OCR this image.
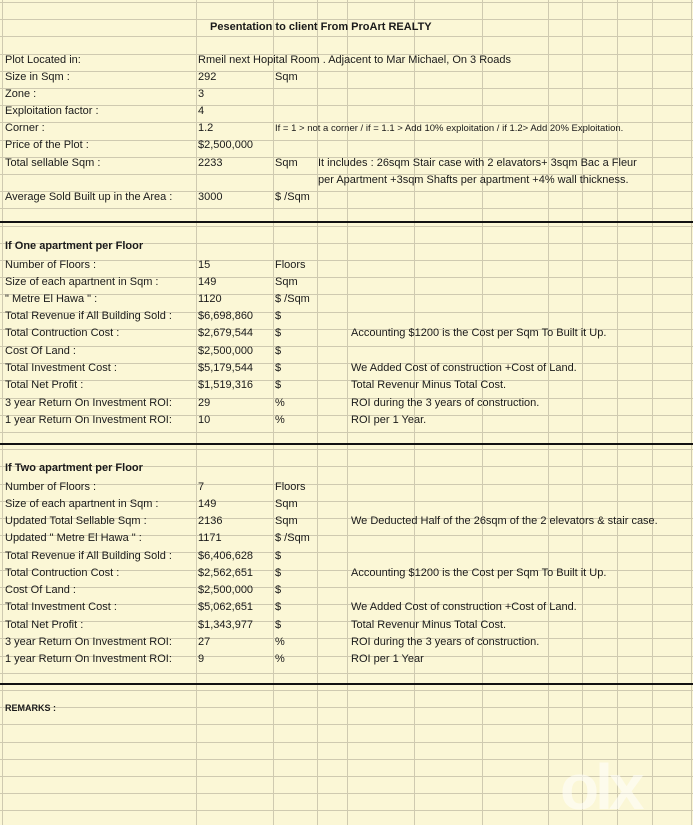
Pesentation to client From ProArt REALTY
Plot Located in:	Rmeil next Hopital Room . Adjacent to Mar Michael, On 3 Roads
Size in Sqm :	292	Sqm
Zone :	3
Exploitation factor :	4
Corner :	1.2	If = 1 > not a corner / if = 1.1 > Add 10% exploitation / if 1.2> Add 20% Exploitation.
Price of the Plot :	$2,500,000
Total sellable Sqm :	2233	Sqm It includes : 26sqm Stair case with 2 elavators+ 3sqm Bac a Fleur
per Apartment +3sqm Shafts per apartment +4% wall thickness.
Average Sold Built up in the Area : 3000	$ /Sqm
If One apartment per Floor
Number of Floors :	15	Floors
Size of each apartnent in Sqm :	149	Sqm
" Metre El Hawa " :	1120	$ /Sqm
Total Revenue if All Building Sold : $6,698,860 $
Total Contruction Cost :	$2,679,544 $	Accounting $1200 is the Cost per Sqm To Built it Up.
Cost Of Land :	$2,500,000 $
Total Investment Cost :	$5,179,544 $	We Added Cost of construction +Cost of Land.
Total Net Profit :	$1,519,316 $	Total Revenur Minus Total Cost.
3 year Return On Investment ROI: 29	%	ROI during the 3 years of construction.
1 year Return On Investment ROI: 10	%	ROI per 1 Year.
If Two apartment per Floor
Number of Floors :	7	Floors
Size of each apartnent in Sqm :	149	Sqm
Updated Total Sellable Sqm :	2136	Sqm	We Deducted Half of the 26sqm of the 2 elevators & stair case.
Updated " Metre El Hawa " :	1171	$ /Sqm
Total Revenue if All Building Sold : $6,406,628 $
Total Contruction Cost :	$2,562,651 $	Accounting $1200 is the Cost per Sqm To Built it Up.
Cost Of Land :	$2,500,000 $
Total Investment Cost :	$5,062,651 $	We Added Cost of construction +Cost of Land.
Total Net Profit :	$1,343,977 $	Total Revenur Minus Total Cost.
3 year Return On Investment ROI: 27	%	ROI during the 3 years of construction.
1 year Return On Investment ROI: 9	%	ROI per 1 Year
REMARKS :
olx
